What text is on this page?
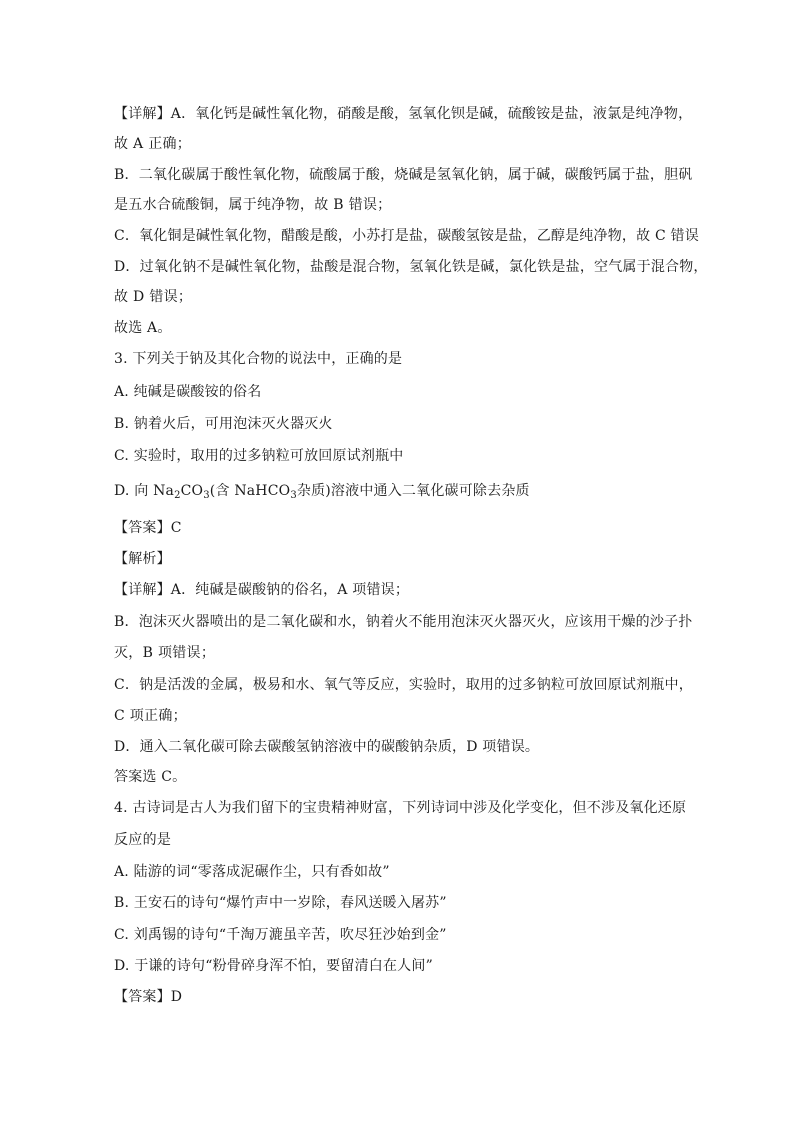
【详解】A．氧化钙是碱性氧化物，硝酸是酸，氢氧化钡是碱，硫酸铵是盐，液氯是纯净物，
故 A 正确；
B．二氧化碳属于酸性氧化物，硫酸属于酸，烧碱是氢氧化钠，属于碱，碳酸钙属于盐，胆矾
是五水合硫酸铜，属于纯净物，故 B 错误；
C．氧化铜是碱性氧化物，醋酸是酸，小苏打是盐，碳酸氢铵是盐，乙醇是纯净物，故 C 错误
D．过氧化钠不是碱性氧化物，盐酸是混合物，氢氧化铁是碱，氯化铁是盐，空气属于混合物，
故 D 错误；
故选 A。
3. 下列关于钠及其化合物的说法中，正确的是
A. 纯碱是碳酸铵的俗名
B. 钠着火后，可用泡沫灭火器灭火
C. 实验时，取用的过多钠粒可放回原试剂瓶中
D. 向 $Na_2CO_3$(含 NaHCO$_3$杂质)溶液中通入二氧化碳可除去杂质
【答案】C
【解析】
【详解】A．纯碱是碳酸钠的俗名，A 项错误；
B．泡沫灭火器喷出的是二氧化碳和水，钠着火不能用泡沫灭火器灭火，应该用干燥的沙子扑
灭，B 项错误；
C．钠是活泼的金属，极易和水、氧气等反应，实验时，取用的过多钠粒可放回原试剂瓶中，
C 项正确；
D．通入二氧化碳可除去碳酸氢钠溶液中的碳酸钠杂质，D 项错误。
答案选 C。
4. 古诗词是古人为我们留下的宝贵精神财富，下列诗词中涉及化学变化，但不涉及氧化还原
反应的是
A. 陆游的词“零落成泥碾作尘，只有香如故”
B. 王安石的诗句“爆竹声中一岁除，春风送暖入屠苏”
C. 刘禹锡的诗句“千淘万漉虽辛苦，吹尽狂沙始到金”
D. 于谦的诗句“粉骨碎身浑不怕，要留清白在人间”
【答案】D
